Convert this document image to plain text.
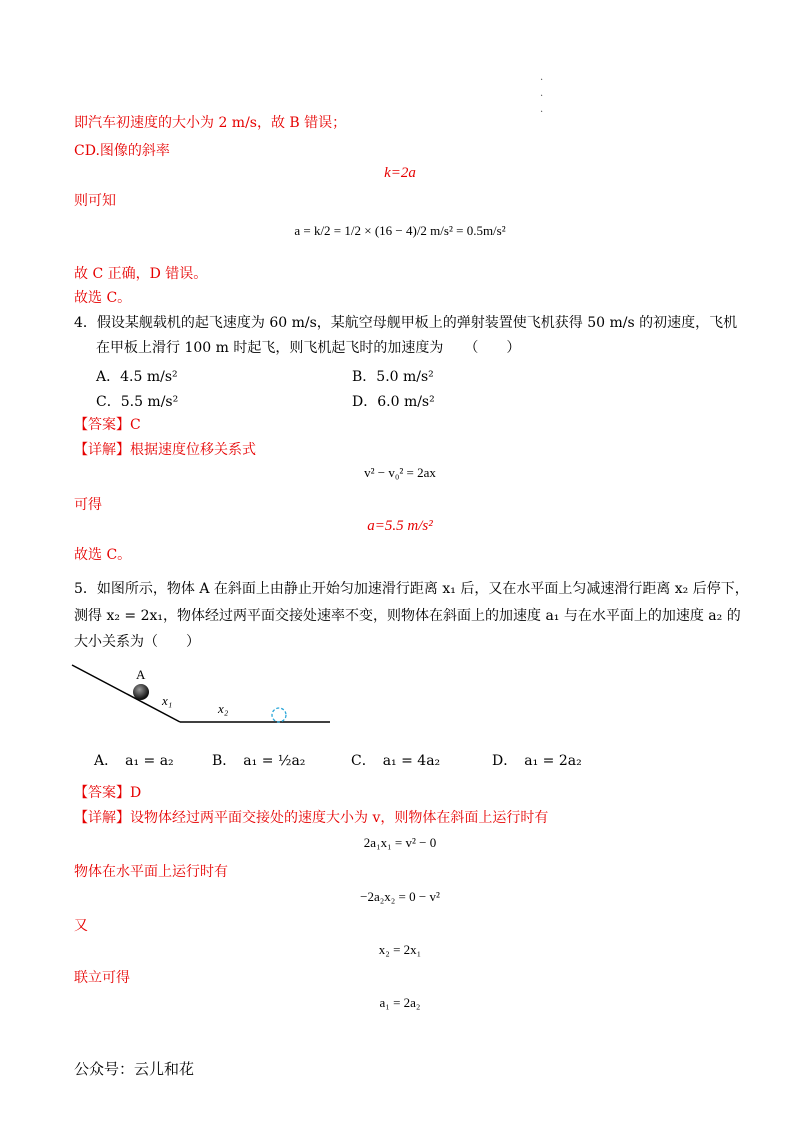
.
.
.
即汽车初速度的大小为 2 m/s，故 B 错误；
CD.图像的斜率
k=2a
则可知
a = k/2 = 1/2 × (16 − 4)/2 m/s² = 0.5m/s²
故 C 正确，D 错误。
故选 C。
4．假设某舰载机的起飞速度为 60 m/s，某航空母舰甲板上的弹射装置使飞机获得 50 m/s 的初速度，飞机
在甲板上滑行 100 m 时起飞，则飞机起飞时的加速度为　　（　　）
A．4.5 m/s²	B．5.0 m/s²
C．5.5 m/s²	D．6.0 m/s²
【答案】C
【详解】根据速度位移关系式
v² − v₀² = 2ax
可得
a=5.5 m/s²
故选 C。
5．如图所示，物体 A 在斜面上由静止开始匀加速滑行距离 x₁ 后，又在水平面上匀减速滑行距离 x₂ 后停下，
测得 x₂ = 2x₁，物体经过两平面交接处速率不变，则物体在斜面上的加速度 a₁ 与在水平面上的加速度 a₂ 的
大小关系为（　　）
A
x₁
x₂
A．　a₁ = a₂	B．　a₁ = ½a₂	C．　a₁ = 4a₂	D．　a₁ = 2a₂
【答案】D
【详解】设物体经过两平面交接处的速度大小为 v，则物体在斜面上运行时有
2a₁x₁ = v² − 0
物体在水平面上运行时有
−2a₂x₂ = 0 − v²
又
x₂ = 2x₁
联立可得
a₁ = 2a₂
公众号：云儿和花
